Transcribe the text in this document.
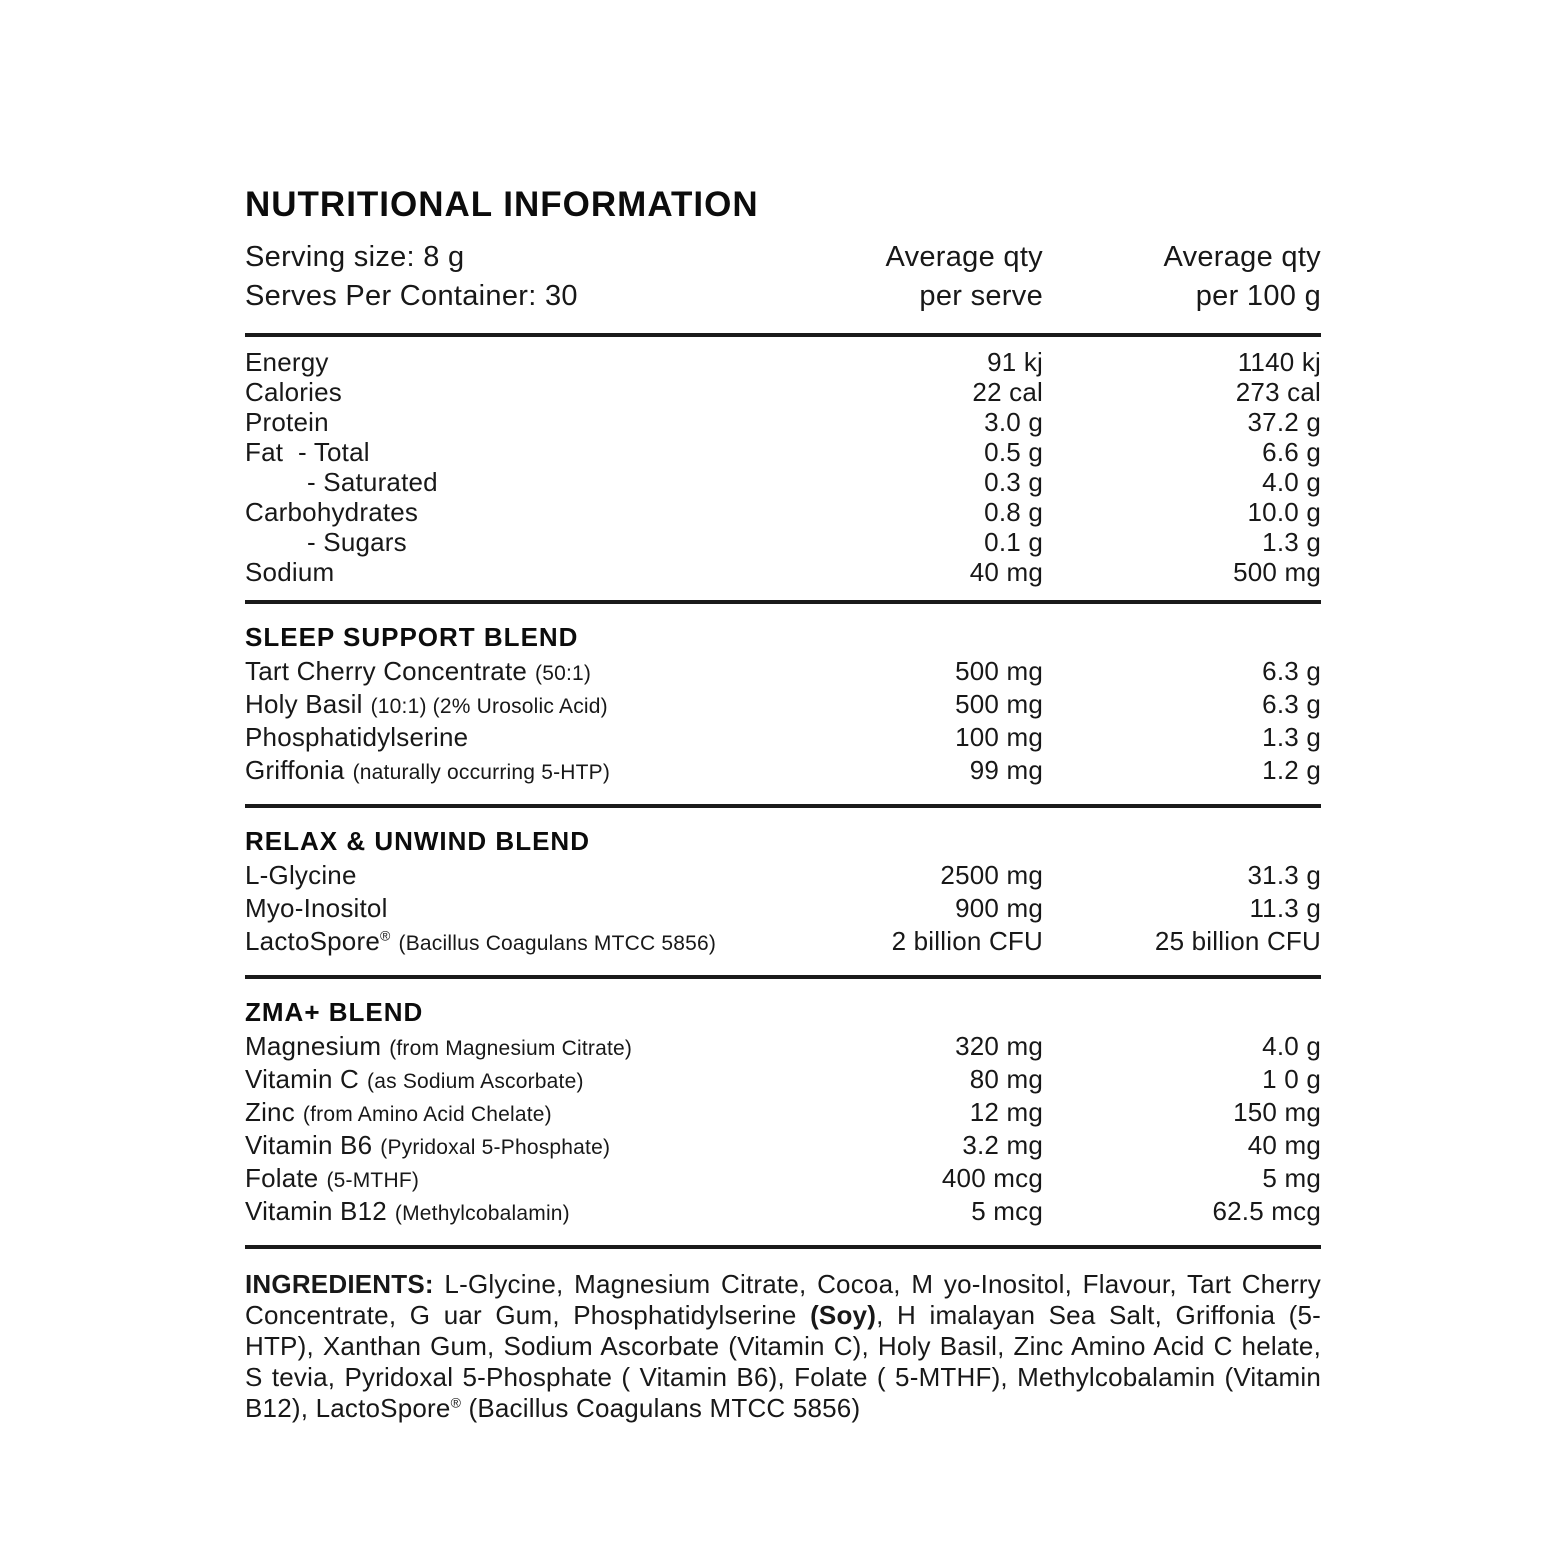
NUTRITIONAL INFORMATION
Serving size: 8 g
Serves Per Container: 30
Average qty
per serve
Average qty
per 100 g
Energy	91 kj	1140 kj
Calories	22 cal	273 cal
Protein	3.0 g	37.2 g
Fat  - Total	0.5 g	6.6 g
- Saturated	0.3 g	4.0 g
Carbohydrates	0.8 g	10.0 g
- Sugars	0.1 g	1.3 g
Sodium	40 mg	500 mg
SLEEP SUPPORT BLEND
Tart Cherry Concentrate (50:1)	500 mg	6.3 g
Holy Basil (10:1) (2% Urosolic Acid)	500 mg	6.3 g
Phosphatidylserine	100 mg	1.3 g
Griffonia (naturally occurring 5-HTP)	99 mg	1.2 g
RELAX & UNWIND BLEND
L-Glycine	2500 mg	31.3 g
Myo-Inositol	900 mg	11.3 g
LactoSpore® (Bacillus Coagulans MTCC 5856)	2 billion CFU	25 billion CFU
ZMA+ BLEND
Magnesium (from Magnesium Citrate)	320 mg	4.0 g
Vitamin C (as Sodium Ascorbate)	80 mg	1 0 g
Zinc (from Amino Acid Chelate)	12 mg	150 mg
Vitamin B6 (Pyridoxal 5-Phosphate)	3.2 mg	40 mg
Folate (5-MTHF)	400 mcg	5 mg
Vitamin B12 (Methylcobalamin)	5 mcg	62.5 mcg

INGREDIENTS: L-Glycine, Magnesium Citrate, Cocoa, M yo-Inositol, Flavour, Tart Cherry Concentrate, G uar Gum, Phosphatidylserine (Soy), H imalayan Sea Salt, Griffonia (5-HTP), Xanthan Gum, Sodium Ascorbate (Vitamin C), Holy Basil, Zinc Amino Acid C helate, S tevia, Pyridoxal 5-Phosphate ( Vitamin B6), Folate ( 5-MTHF), Methylcobalamin (Vitamin B12), LactoSpore® (Bacillus Coagulans MTCC 5856)
